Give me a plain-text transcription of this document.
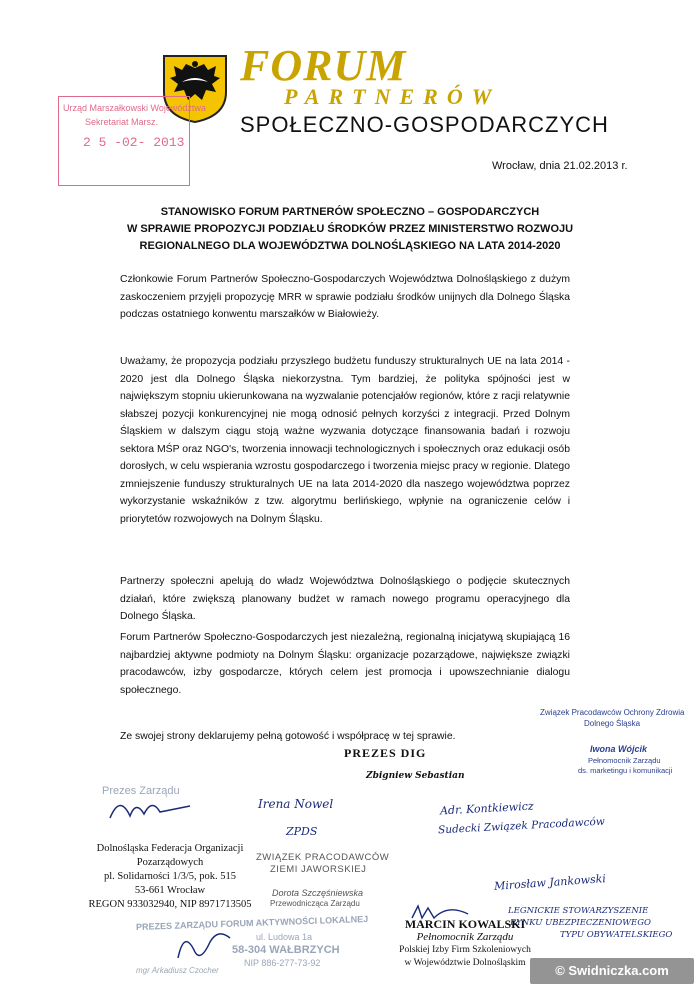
FORUM
PARTNERÓW
SPOŁECZNO-GOSPODARCZYCH
Urząd Marszałkowski Województwa
Sekretariat Marsz.
2 5 -02- 2013
Wrocław, dnia 21.02.2013 r.
STANOWISKO FORUM PARTNERÓW SPOŁECZNO – GOSPODARCZYCH
W SPRAWIE PROPOZYCJI PODZIAŁU ŚRODKÓW PRZEZ MINISTERSTWO ROZWOJU
REGIONALNEGO DLA WOJEWÓDZTWA DOLNOŚLĄSKIEGO NA LATA 2014-2020
Członkowie Forum Partnerów Społeczno-Gospodarczych Województwa Dolnośląskiego z dużym zaskoczeniem przyjęli propozycję MRR w sprawie podziału środków unijnych dla Dolnego Śląska podczas ostatniego konwentu marszałków w Białowieży.
Uważamy, że propozycja podziału przyszłego budżetu funduszy strukturalnych UE na lata 2014 - 2020 jest dla Dolnego Śląska niekorzystna. Tym bardziej, że polityka spójności jest w największym stopniu ukierunkowana na wyzwalanie potencjałów regionów, które z racji relatywnie słabszej pozycji konkurencyjnej nie mogą odnosić pełnych korzyści z integracji. Przed Dolnym Śląskiem w dalszym ciągu stoją ważne wyzwania dotyczące finansowania badań i rozwoju sektora MŚP oraz NGO's, tworzenia innowacji technologicznych i społecznych oraz edukacji osób dorosłych, w celu wspierania wzrostu gospodarczego i tworzenia miejsc pracy w regionie. Dlatego zmniejszenie funduszy strukturalnych UE na lata 2014-2020 dla naszego województwa poprzez wykorzystanie wskaźników z tzw. algorytmu berlińskiego, wpłynie na ograniczenie celów i priorytetów rozwojowych na Dolnym Śląsku.
Partnerzy społeczni apelują do władz Województwa Dolnośląskiego o podjęcie skutecznych działań, które zwiększą planowany budżet w ramach nowego programu operacyjnego dla Dolnego Śląska.
Forum Partnerów Społeczno-Gospodarczych jest niezależną, regionalną inicjatywą skupiającą 16 najbardziej aktywne podmioty na Dolnym Śląsku: organizacje pozarządowe, największe związki pracodawców, izby gospodarcze, których celem jest promocja i upowszechnianie dialogu społecznego.
Ze swojej strony deklarujemy pełną gotowość i współpracę w tej sprawie.
PREZES DIG
Zbigniew Sebastian
Związek Pracodawców Ochrony Zdrowia
Dolnego Śląska
Iwona Wójcik
Pełnomocnik Zarządu
ds. marketingu i komunikacji
Prezes Zarządu
Irena Nowel
ZPDS
Adr. Kontkiewicz
Sudecki Związek Pracodawców
ZWIĄZEK PRACODAWCÓW
ZIEMI JAWORSKIEJ
Dorota Szczęśniewska
Przewodnicząca Zarządu
Mirosław Jankowski
LEGNICKIE STOWARZYSZENIE
RYNKU UBEZPIECZENIOWEGO
TYPU OBYWATELSKIEGO
Dolnośląska Federacja Organizacji
Pozarządowych
pl. Solidarności 1/3/5, pok. 515
53-661 Wrocław
REGON 933032940, NIP 8971713505
PREZES ZARZĄDU FORUM AKTYWNOŚCI LOKALNEJ
ul. Ludowa 1a
58-304 WAŁBRZYCH
NIP 886-277-73-92
mgr Arkadiusz Czocher
MARCIN KOWALSKI
Pełnomocnik Zarządu
Polskiej Izby Firm Szkoleniowych
w Województwie Dolnośląskim	© Swidniczka.com
